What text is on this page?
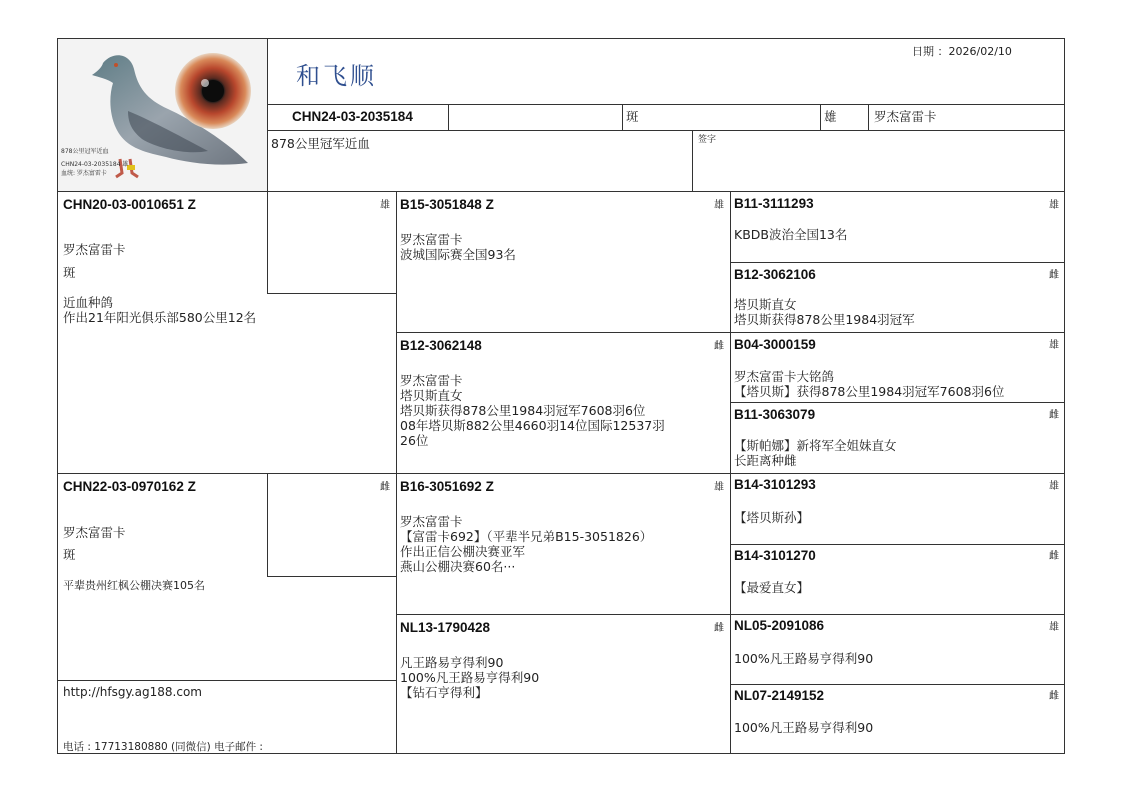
878公里冠军近血
CHN24-03-2035184 雄
血统: 罗杰富雷卡
和飞顺
日期 ：2026/02/10
CHN24-03-2035184	斑	雄	罗杰富雷卡
878公里冠军近血	签字
CHN20-03-0010651 Z	雄
罗杰富雷卡
斑
近血种鸽
作出21年阳光俱乐部580公里12名
CHN22-03-0970162 Z	雌
罗杰富雷卡
斑
平辈贵州红枫公棚决赛105名
http://hfsgy.ag188.com
电话 : 17713180880 (同微信) 电子邮件 :
B15-3051848 Z	雄
罗杰富雷卡
波城国际赛全国93名
B12-3062148	雌
罗杰富雷卡
塔贝斯直女
塔贝斯获得878公里1984羽冠军7608羽6位
08年塔贝斯882公里4660羽14位国际12537羽
26位
B16-3051692 Z	雄
罗杰富雷卡
【富雷卡692】（平辈半兄弟B15-3051826）
作出正信公棚决赛亚军
燕山公棚决赛60名···
NL13-1790428	雌
凡王路易亨得利90
100%凡王路易亨得利90
【钻石亨得利】
B11-3111293	雄
KBDB波治全国13名
B12-3062106	雌
塔贝斯直女
塔贝斯获得878公里1984羽冠军
B04-3000159	雄
罗杰富雷卡大铭鸽
【塔贝斯】获得878公里1984羽冠军7608羽6位
B11-3063079	雌
【斯帕娜】新将军全姐妹直女
长距离种雌
B14-3101293	雄
【塔贝斯孙】
B14-3101270	雌
【最爱直女】
NL05-2091086	雄
100%凡王路易亨得利90
NL07-2149152	雌
100%凡王路易亨得利90
